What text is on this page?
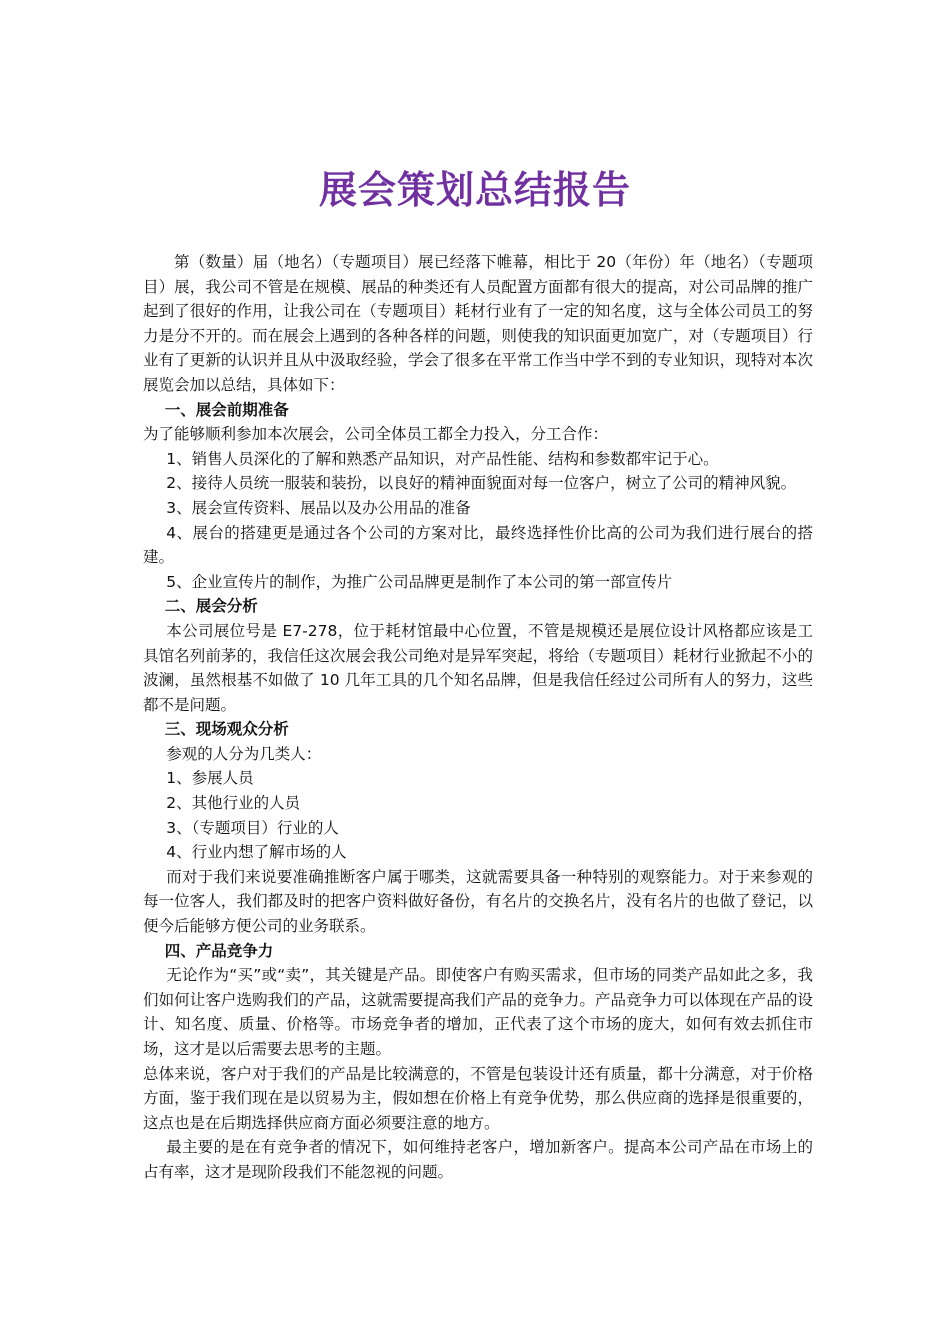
展会策划总结报告

第（数量）届（地名）（专题项目）展已经落下帷幕，相比于 20（年份）年（地名）（专题项目）展，我公司不管是在规模、展品的种类还有人员配置方面都有很大的提高，对公司品牌的推广起到了很好的作用，让我公司在（专题项目）耗材行业有了一定的知名度，这与全体公司员工的努力是分不开的。而在展会上遇到的各种各样的问题，则使我的知识面更加宽广，对（专题项目）行业有了更新的认识并且从中汲取经验，学会了很多在平常工作当中学不到的专业知识，现特对本次展览会加以总结，具体如下：

一、展会前期准备

为了能够顺利参加本次展会，公司全体员工都全力投入，分工合作：

1、销售人员深化的了解和熟悉产品知识，对产品性能、结构和参数都牢记于心。

2、接待人员统一服装和装扮，以良好的精神面貌面对每一位客户，树立了公司的精神风貌。

3、展会宣传资料、展品以及办公用品的准备

4、展台的搭建更是通过各个公司的方案对比，最终选择性价比高的公司为我们进行展台的搭建。

5、企业宣传片的制作，为推广公司品牌更是制作了本公司的第一部宣传片

二、展会分析

本公司展位号是 E7-278，位于耗材馆最中心位置，不管是规模还是展位设计风格都应该是工具馆名列前茅的，我信任这次展会我公司绝对是异军突起，将给（专题项目）耗材行业掀起不小的波澜，虽然根基不如做了 10 几年工具的几个知名品牌，但是我信任经过公司所有人的努力，这些都不是问题。

三、现场观众分析

参观的人分为几类人：

1、参展人员

2、其他行业的人员

3、（专题项目）行业的人

4、行业内想了解市场的人

而对于我们来说要准确推断客户属于哪类，这就需要具备一种特别的观察能力。对于来参观的每一位客人，我们都及时的把客户资料做好备份，有名片的交换名片，没有名片的也做了登记，以便今后能够方便公司的业务联系。

四、产品竞争力

无论作为“买”或“卖”，其关键是产品。即使客户有购买需求，但市场的同类产品如此之多，我们如何让客户选购我们的产品，这就需要提高我们产品的竞争力。产品竞争力可以体现在产品的设计、知名度、质量、价格等。市场竞争者的增加，正代表了这个市场的庞大，如何有效去抓住市场，这才是以后需要去思考的主题。

总体来说，客户对于我们的产品是比较满意的，不管是包装设计还有质量，都十分满意，对于价格方面，鉴于我们现在是以贸易为主，假如想在价格上有竞争优势，那么供应商的选择是很重要的，这点也是在后期选择供应商方面必须要注意的地方。

最主要的是在有竞争者的情况下，如何维持老客户，增加新客户。提高本公司产品在市场上的占有率，这才是现阶段我们不能忽视的问题。
